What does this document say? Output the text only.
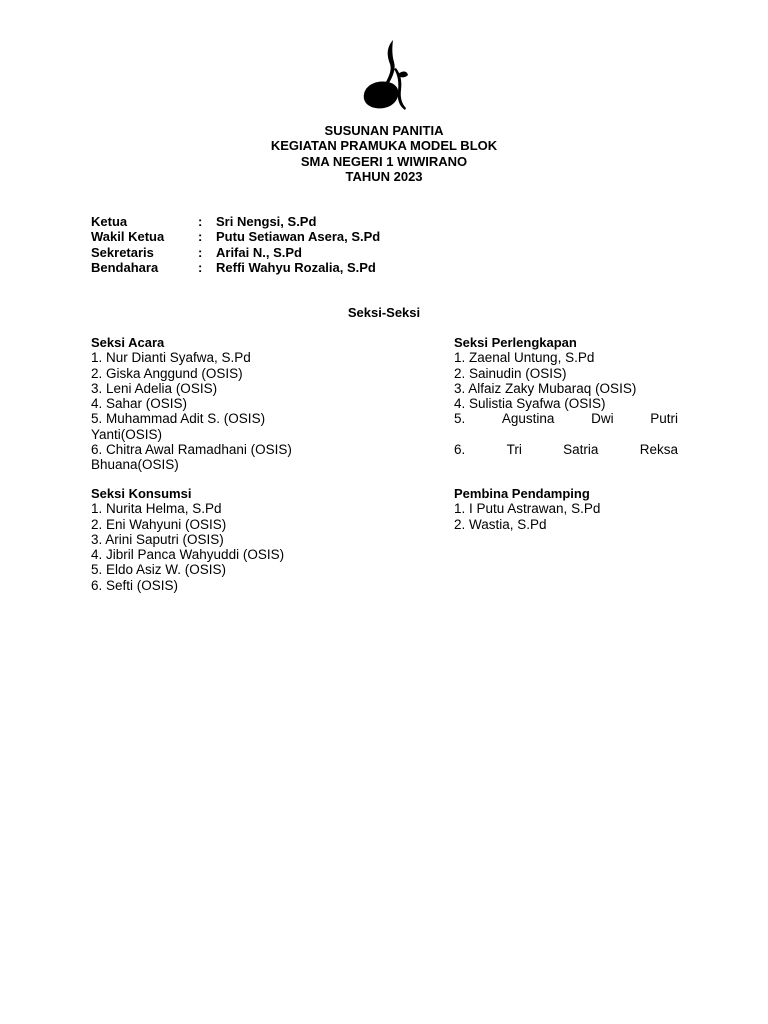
SUSUNAN PANITIA
KEGIATAN PRAMUKA MODEL BLOK
SMA NEGERI 1 WIWIRANO
TAHUN 2023
Ketua	: Sri Nengsi, S.Pd
Wakil Ketua	: Putu Setiawan Asera, S.Pd
Sekretaris	: Arifai N., S.Pd
Bendahara	: Reffi Wahyu Rozalia, S.Pd
Seksi-Seksi
Seksi Acara
1. Nur Dianti Syafwa, S.Pd
2. Giska Anggund (OSIS)
3. Leni Adelia (OSIS)
4. Sahar (OSIS)
5. Muhammad Adit S. (OSIS)
Yanti(OSIS)
6. Chitra Awal Ramadhani (OSIS)
Bhuana(OSIS)
Seksi Perlengkapan
1. Zaenal Untung, S.Pd
2. Sainudin (OSIS)
3. Alfaiz Zaky Mubaraq (OSIS)
4. Sulistia Syafwa (OSIS)
5.	Agustina	Dwi	Putri
6.	Tri	Satria	Reksa
Seksi Konsumsi
1. Nurita Helma, S.Pd
2. Eni Wahyuni (OSIS)
3. Arini Saputri (OSIS)
4. Jibril Panca Wahyuddi (OSIS)
5. Eldo Asiz W. (OSIS)
6. Sefti (OSIS)
Pembina Pendamping
1. I Putu Astrawan, S.Pd
2. Wastia, S.Pd
